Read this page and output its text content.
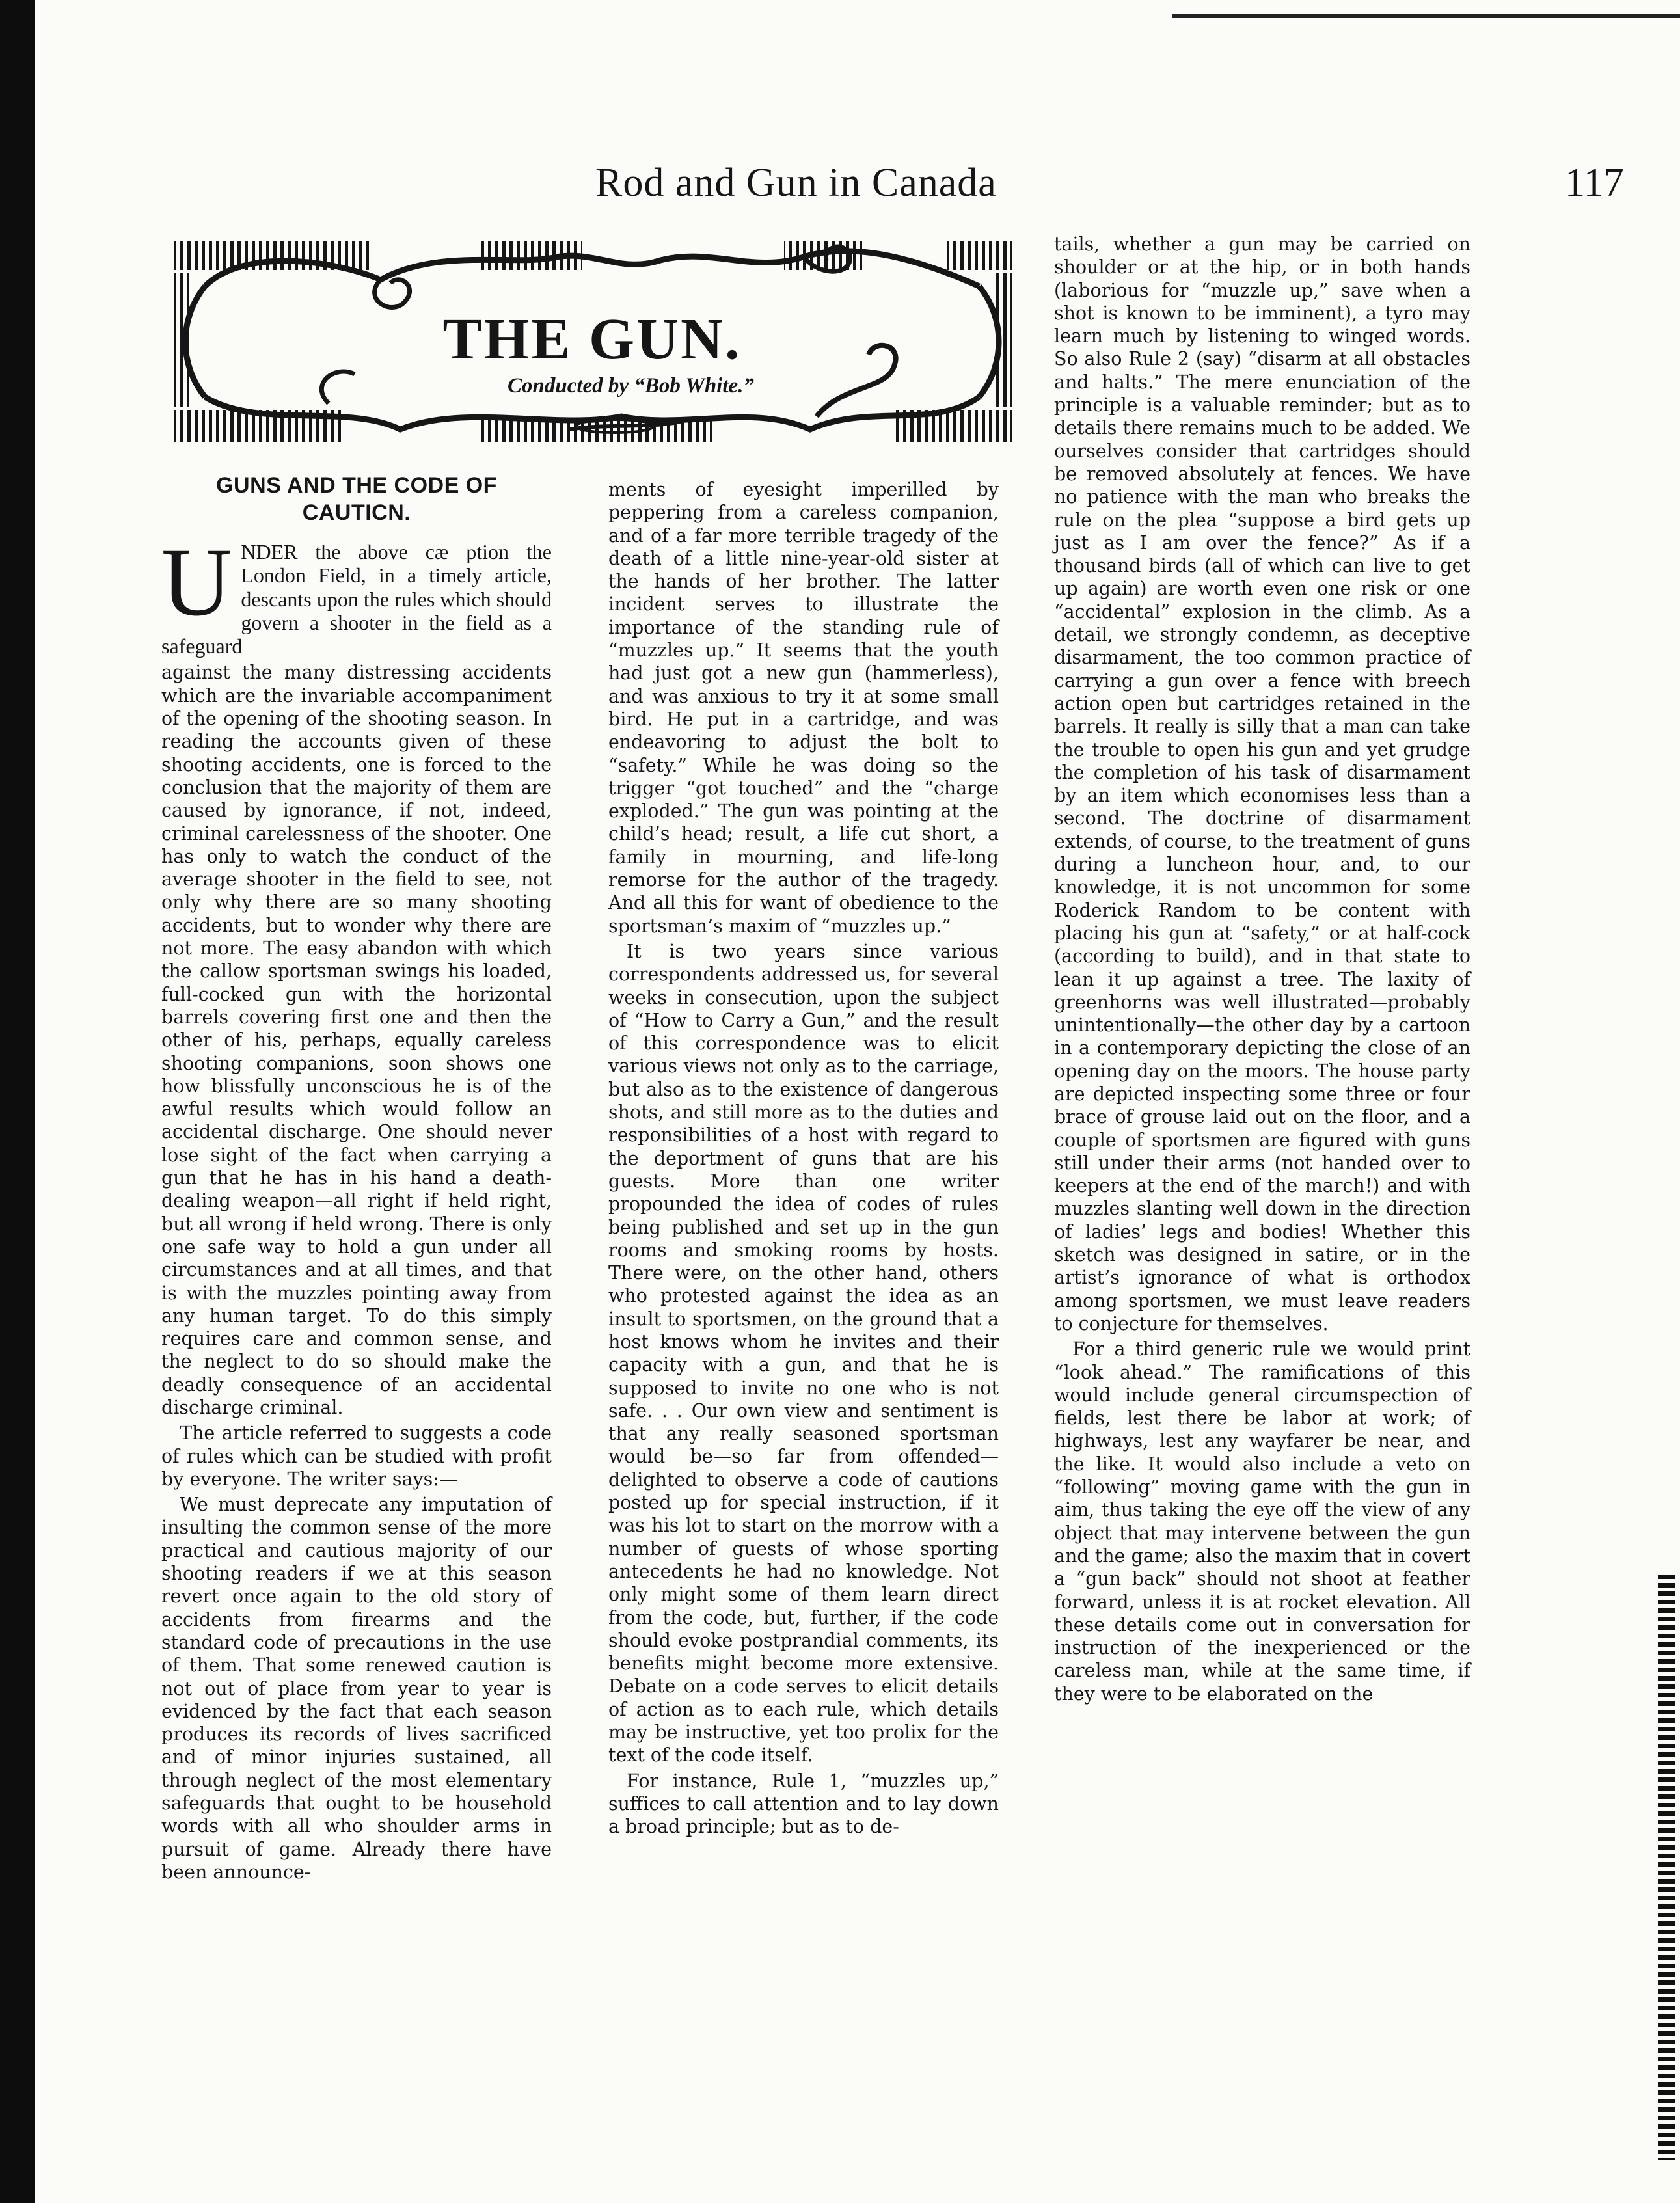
Rod and Gun in Canada	117
THE GUN.
Conducted by “Bob White.”
GUNS AND THE CODE OF CAUTICN.

U NDER the above cæ ption the London Field, in a timely article, descants upon the rules which should govern a shooter in the field as a safeguard

against the many distressing accidents which are the invariable accompaniment of the opening of the shooting season. In reading the accounts given of these shooting accidents, one is forced to the conclusion that the majority of them are caused by ignorance, if not, indeed, criminal carelessness of the shooter. One has only to watch the conduct of the average shooter in the field to see, not only why there are so many shooting accidents, but to wonder why there are not more. The easy abandon with which the callow sportsman swings his loaded, full-cocked gun with the horizontal barrels covering first one and then the other of his, perhaps, equally careless shooting companions, soon shows one how blissfully unconscious he is of the awful results which would follow an accidental discharge. One should never lose sight of the fact when carrying a gun that he has in his hand a death-dealing weapon—all right if held right, but all wrong if held wrong. There is only one safe way to hold a gun under all circumstances and at all times, and that is with the muzzles pointing away from any human target. To do this simply requires care and common sense, and the neglect to do so should make the deadly consequence of an accidental discharge criminal.

The article referred to suggests a code of rules which can be studied with profit by everyone. The writer says:—

We must deprecate any imputation of insulting the common sense of the more practical and cautious majority of our shooting readers if we at this season revert once again to the old story of accidents from firearms and the standard code of precautions in the use of them. That some renewed caution is not out of place from year to year is evidenced by the fact that each season produces its records of lives sacrificed and of minor injuries sustained, all through neglect of the most elementary safeguards that ought to be household words with all who shoulder arms in pursuit of game. Already there have been announce-

ments of eyesight imperilled by peppering from a careless companion, and of a far more terrible tragedy of the death of a little nine-year-old sister at the hands of her brother. The latter incident serves to illustrate the importance of the standing rule of “muzzles up.” It seems that the youth had just got a new gun (hammerless), and was anxious to try it at some small bird. He put in a cartridge, and was endeavoring to adjust the bolt to “safety.” While he was doing so the trigger “got touched” and the “charge exploded.” The gun was pointing at the child’s head; result, a life cut short, a family in mourning, and life-long remorse for the author of the tragedy. And all this for want of obedience to the sportsman’s maxim of “muzzles up.”

It is two years since various correspondents addressed us, for several weeks in consecution, upon the subject of “How to Carry a Gun,” and the result of this correspondence was to elicit various views not only as to the carriage, but also as to the existence of dangerous shots, and still more as to the duties and responsibilities of a host with regard to the deportment of guns that are his guests. More than one writer propounded the idea of codes of rules being published and set up in the gun rooms and smoking rooms by hosts. There were, on the other hand, others who protested against the idea as an insult to sportsmen, on the ground that a host knows whom he invites and their capacity with a gun, and that he is supposed to invite no one who is not safe. . . Our own view and sentiment is that any really seasoned sportsman would be—so far from offended—delighted to observe a code of cautions posted up for special instruction, if it was his lot to start on the morrow with a number of guests of whose sporting antecedents he had no knowledge. Not only might some of them learn direct from the code, but, further, if the code should evoke postprandial comments, its benefits might become more extensive. Debate on a code serves to elicit details of action as to each rule, which details may be instructive, yet too prolix for the text of the code itself.

For instance, Rule 1, “muzzles up,” suffices to call attention and to lay down a broad principle; but as to de-

tails, whether a gun may be carried on shoulder or at the hip, or in both hands (laborious for “muzzle up,” save when a shot is known to be imminent), a tyro may learn much by listening to winged words. So also Rule 2 (say) “disarm at all obstacles and halts.” The mere enunciation of the principle is a valuable reminder; but as to details there remains much to be added. We ourselves consider that cartridges should be removed absolutely at fences. We have no patience with the man who breaks the rule on the plea “suppose a bird gets up just as I am over the fence?” As if a thousand birds (all of which can live to get up again) are worth even one risk or one “accidental” explosion in the climb. As a detail, we strongly condemn, as deceptive disarmament, the too common practice of carrying a gun over a fence with breech action open but cartridges retained in the barrels. It really is silly that a man can take the trouble to open his gun and yet grudge the completion of his task of disarmament by an item which economises less than a second. The doctrine of disarmament extends, of course, to the treatment of guns during a luncheon hour, and, to our knowledge, it is not uncommon for some Roderick Random to be content with placing his gun at “safety,” or at half-cock (according to build), and in that state to lean it up against a tree. The laxity of greenhorns was well illustrated—probably unintentionally—the other day by a cartoon in a contemporary depicting the close of an opening day on the moors. The house party are depicted inspecting some three or four brace of grouse laid out on the floor, and a couple of sportsmen are figured with guns still under their arms (not handed over to keepers at the end of the march!) and with muzzles slanting well down in the direction of ladies’ legs and bodies! Whether this sketch was designed in satire, or in the artist’s ignorance of what is orthodox among sportsmen, we must leave readers to conjecture for themselves.

For a third generic rule we would print “look ahead.” The ramifications of this would include general circumspection of fields, lest there be labor at work; of highways, lest any wayfarer be near, and the like. It would also include a veto on “following” moving game with the gun in aim, thus taking the eye off the view of any object that may intervene between the gun and the game; also the maxim that in covert a “gun back” should not shoot at feather forward, unless it is at rocket elevation. All these details come out in conversation for instruction of the inexperienced or the careless man, while at the same time, if they were to be elaborated on the
